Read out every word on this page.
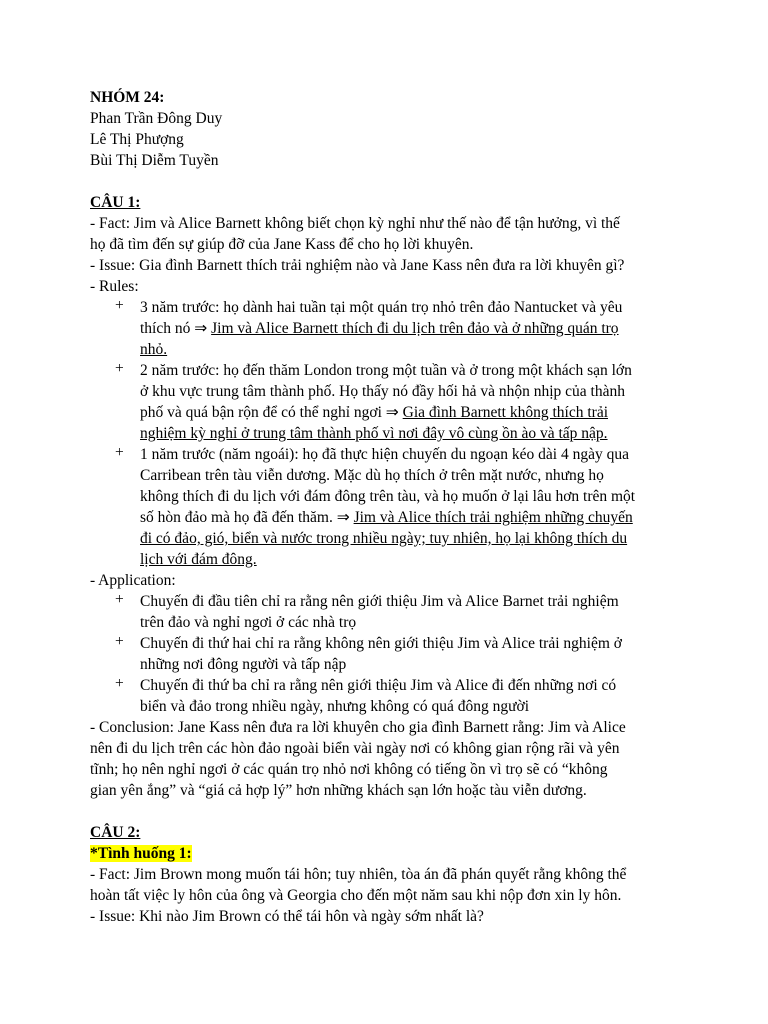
NHÓM 24:
Phan Trần Đông Duy
Lê Thị Phượng
Bùi Thị Diễm Tuyền
CÂU 1:
- Fact: Jim và Alice Barnett không biết chọn kỳ nghỉ như thế nào để tận hưởng, vì thế
họ đã tìm đến sự giúp đỡ của Jane Kass để cho họ lời khuyên.
- Issue: Gia đình Barnett thích trải nghiệm nào và Jane Kass nên đưa ra lời khuyên gì?
- Rules:
+ 3 năm trước: họ dành hai tuần tại một quán trọ nhỏ trên đảo Nantucket và yêu
thích nó ⇒ Jim và Alice Barnett thích đi du lịch trên đảo và ở những quán trọ
nhỏ.
+ 2 năm trước: họ đến thăm London trong một tuần và ở trong một khách sạn lớn
ở khu vực trung tâm thành phố. Họ thấy nó đầy hối hả và nhộn nhịp của thành
phố và quá bận rộn để có thể nghỉ ngơi ⇒ Gia đình Barnett không thích trải
nghiệm kỳ nghỉ ở trung tâm thành phố vì nơi đây vô cùng ồn ào và tấp nập.
+ 1 năm trước (năm ngoái): họ đã thực hiện chuyến du ngoạn kéo dài 4 ngày qua
Carribean trên tàu viễn dương. Mặc dù họ thích ở trên mặt nước, nhưng họ
không thích đi du lịch với đám đông trên tàu, và họ muốn ở lại lâu hơn trên một
số hòn đảo mà họ đã đến thăm. ⇒ Jim và Alice thích trải nghiệm những chuyến
đi có đảo, gió, biển và nước trong nhiều ngày; tuy nhiên, họ lại không thích du
lịch với đám đông.
- Application:
+ Chuyến đi đầu tiên chỉ ra rằng nên giới thiệu Jim và Alice Barnet trải nghiệm
trên đảo và nghỉ ngơi ở các nhà trọ
+ Chuyến đi thứ hai chỉ ra rằng không nên giới thiệu Jim và Alice trải nghiệm ở
những nơi đông người và tấp nập
+ Chuyến đi thứ ba chỉ ra rằng nên giới thiệu Jim và Alice đi đến những nơi có
biển và đảo trong nhiều ngày, nhưng không có quá đông người
- Conclusion: Jane Kass nên đưa ra lời khuyên cho gia đình Barnett rằng: Jim và Alice
nên đi du lịch trên các hòn đảo ngoài biển vài ngày nơi có không gian rộng rãi và yên
tĩnh; họ nên nghỉ ngơi ở các quán trọ nhỏ nơi không có tiếng ồn vì trọ sẽ có “không
gian yên ắng” và “giá cả hợp lý” hơn những khách sạn lớn hoặc tàu viễn dương.
CÂU 2:
*Tình huống 1:
- Fact: Jim Brown mong muốn tái hôn; tuy nhiên, tòa án đã phán quyết rằng không thể
hoàn tất việc ly hôn của ông và Georgia cho đến một năm sau khi nộp đơn xin ly hôn.
- Issue: Khi nào Jim Brown có thể tái hôn và ngày sớm nhất là?
